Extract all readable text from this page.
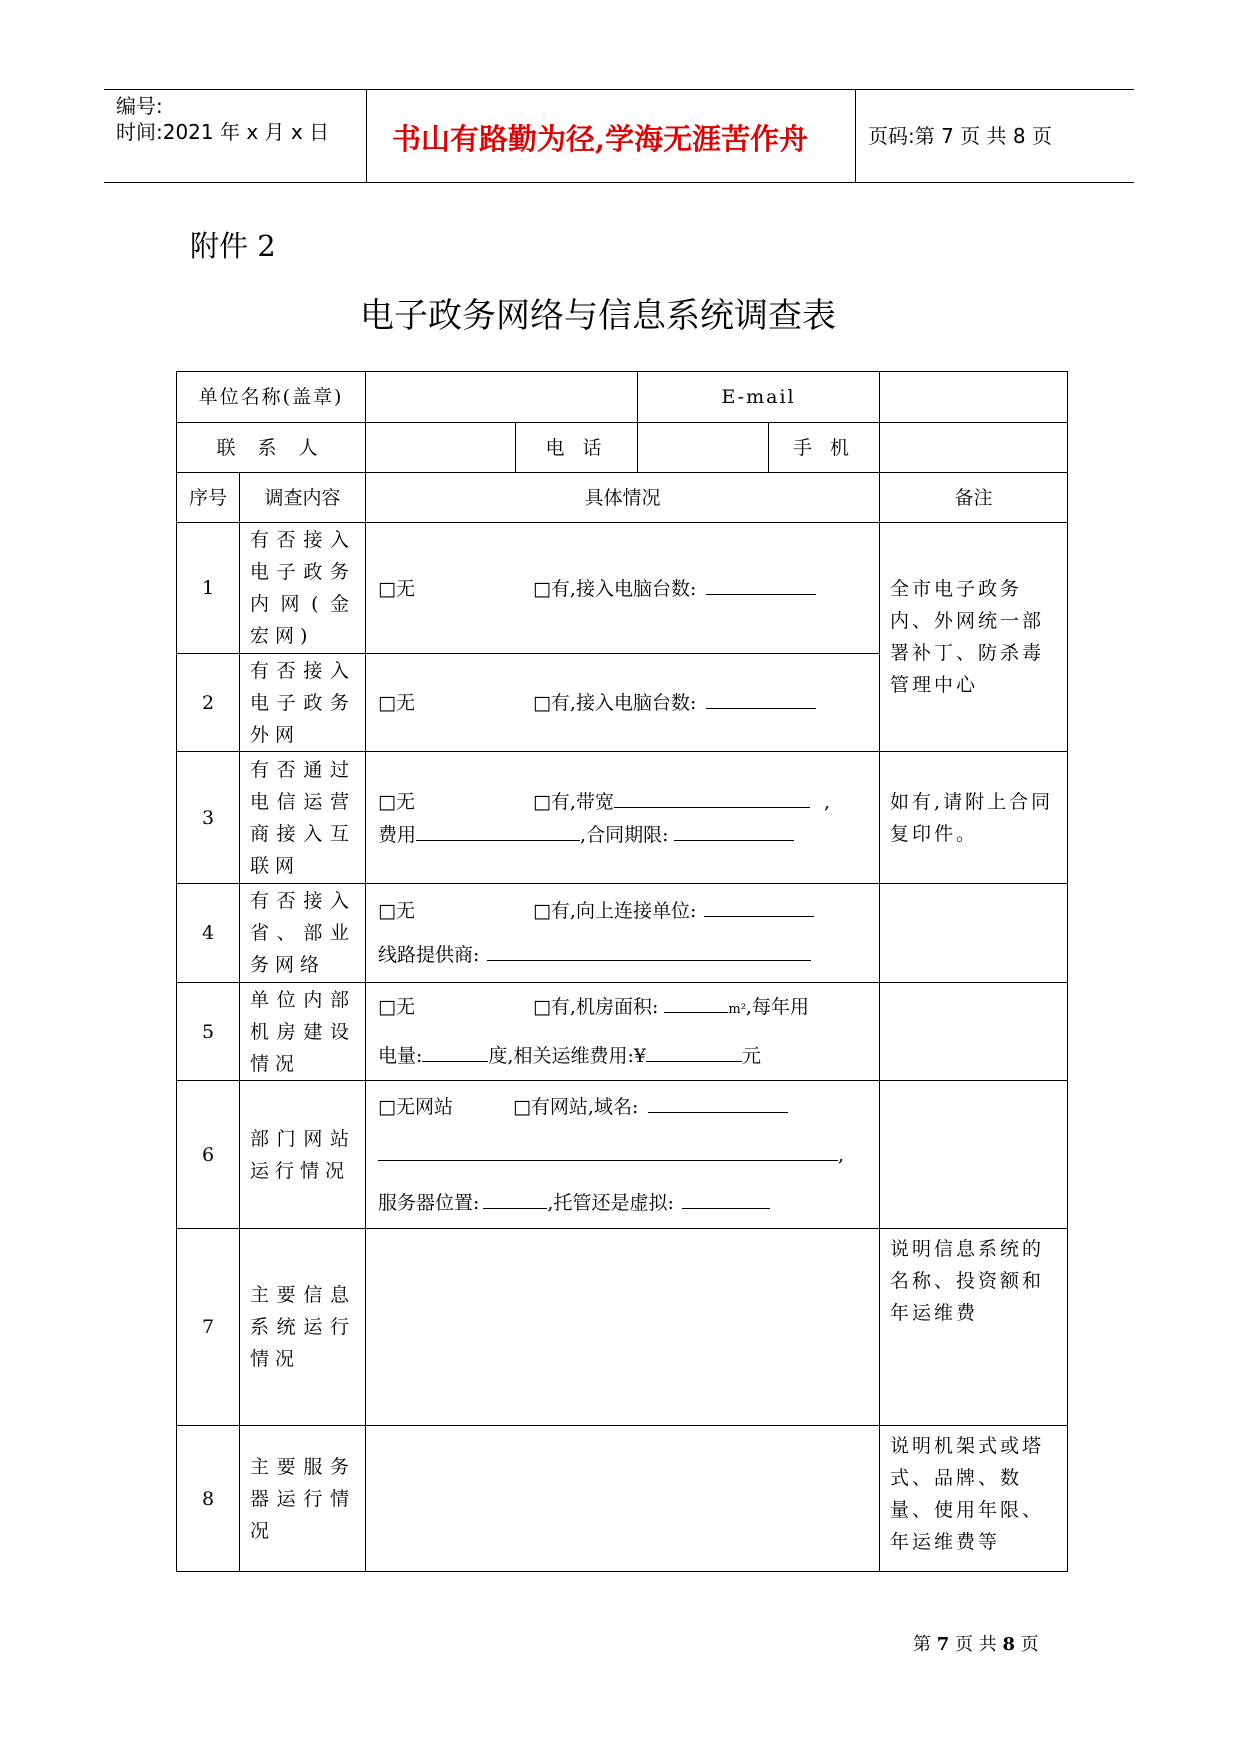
编号:
时间:2021 年 x 月 x 日 书山有路勤为径,学海无涯苦作舟	页码:第 7 页 共 8 页
附件 2
电子政务网络与信息系统调查表
单位名称(盖章)				E-mail		
联 系 人			电 话		手 机	
序号	调查内容	具体情况				备注
1	有否接入电子政务内网(金宏网)	□无 □有,接入电脑台数:				全市电子政务内、外网统一部署补丁、防杀毒管理中心
2	有否接入电子政务外网	□无 □有,接入电脑台数:				
3	有否通过电信运营商接入互联网	□无 □有,带宽 ,
费用 ,合同期限:				如有,请附上合同复印件。
4	有否接入省、部业务网络	□无 □有,向上连接单位:
线路提供商:				

5	单位内部机房建设情况	□无 □有,机房面积: m²,每年用
电量: 度,相关运维费用:¥ 元				

6	部门网站运行情况	□无网站 □有网站,域名:
,
服务器位置: ,托管还是虚拟:				

7	主要信息系统运行情况					说明信息系统的名称、投资额和年运维费
8	主要服务器运行情况					说明机架式或塔式、品牌、数量、使用年限、年运维费等
第 7 页 共 8 页
